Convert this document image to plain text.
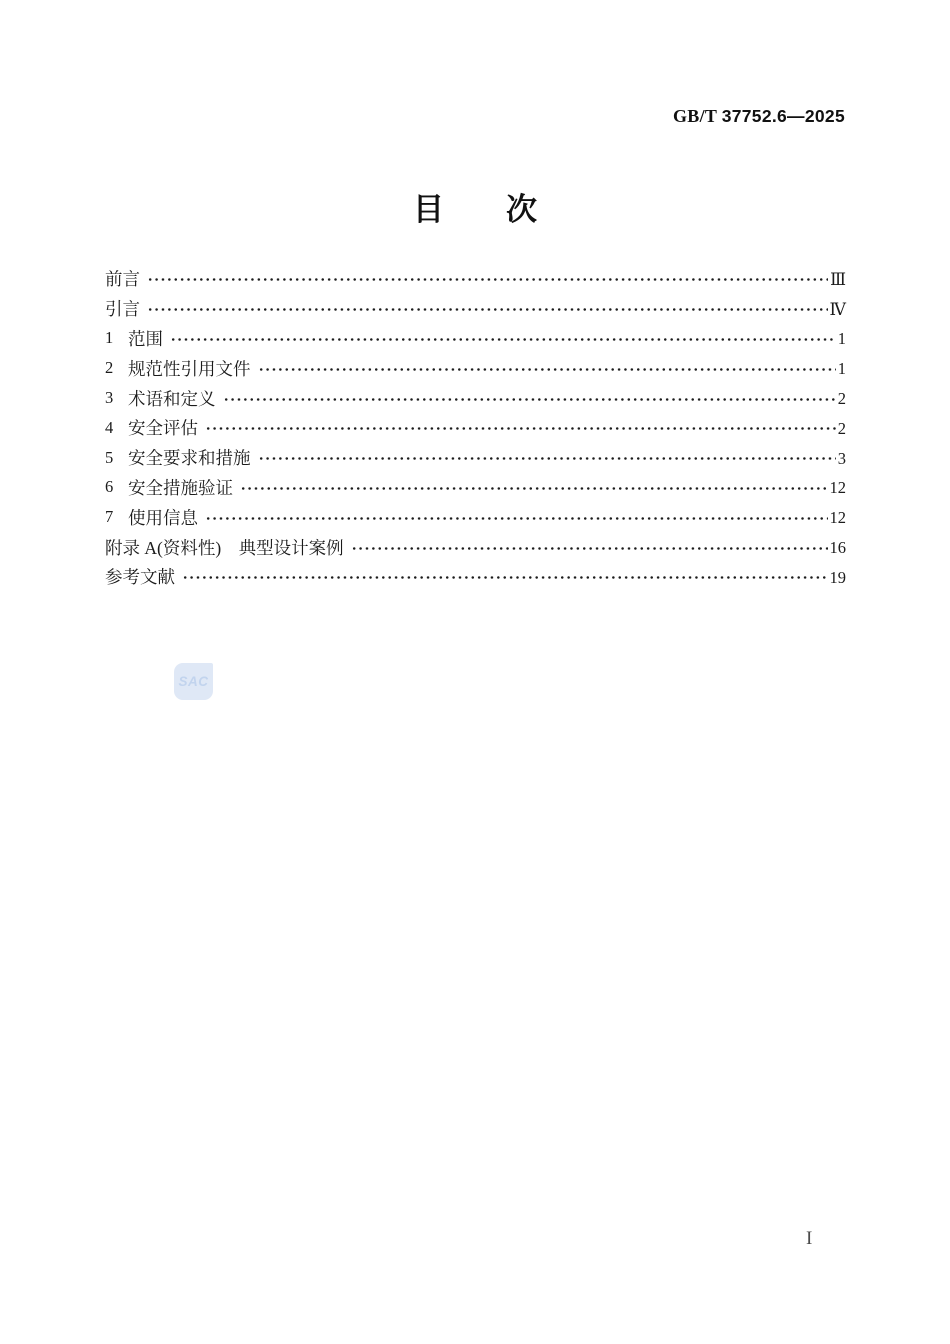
GB/T 37752.6—2025
目　　次
前言	Ⅲ
引言	Ⅳ
1 范围	1
2 规范性引用文件	1
3 术语和定义	2
4 安全评估	2
5 安全要求和措施	3
6 安全措施验证	12
7 使用信息	12
附录 A(资料性)　典型设计案例	16
参考文献	19
SAC
I
